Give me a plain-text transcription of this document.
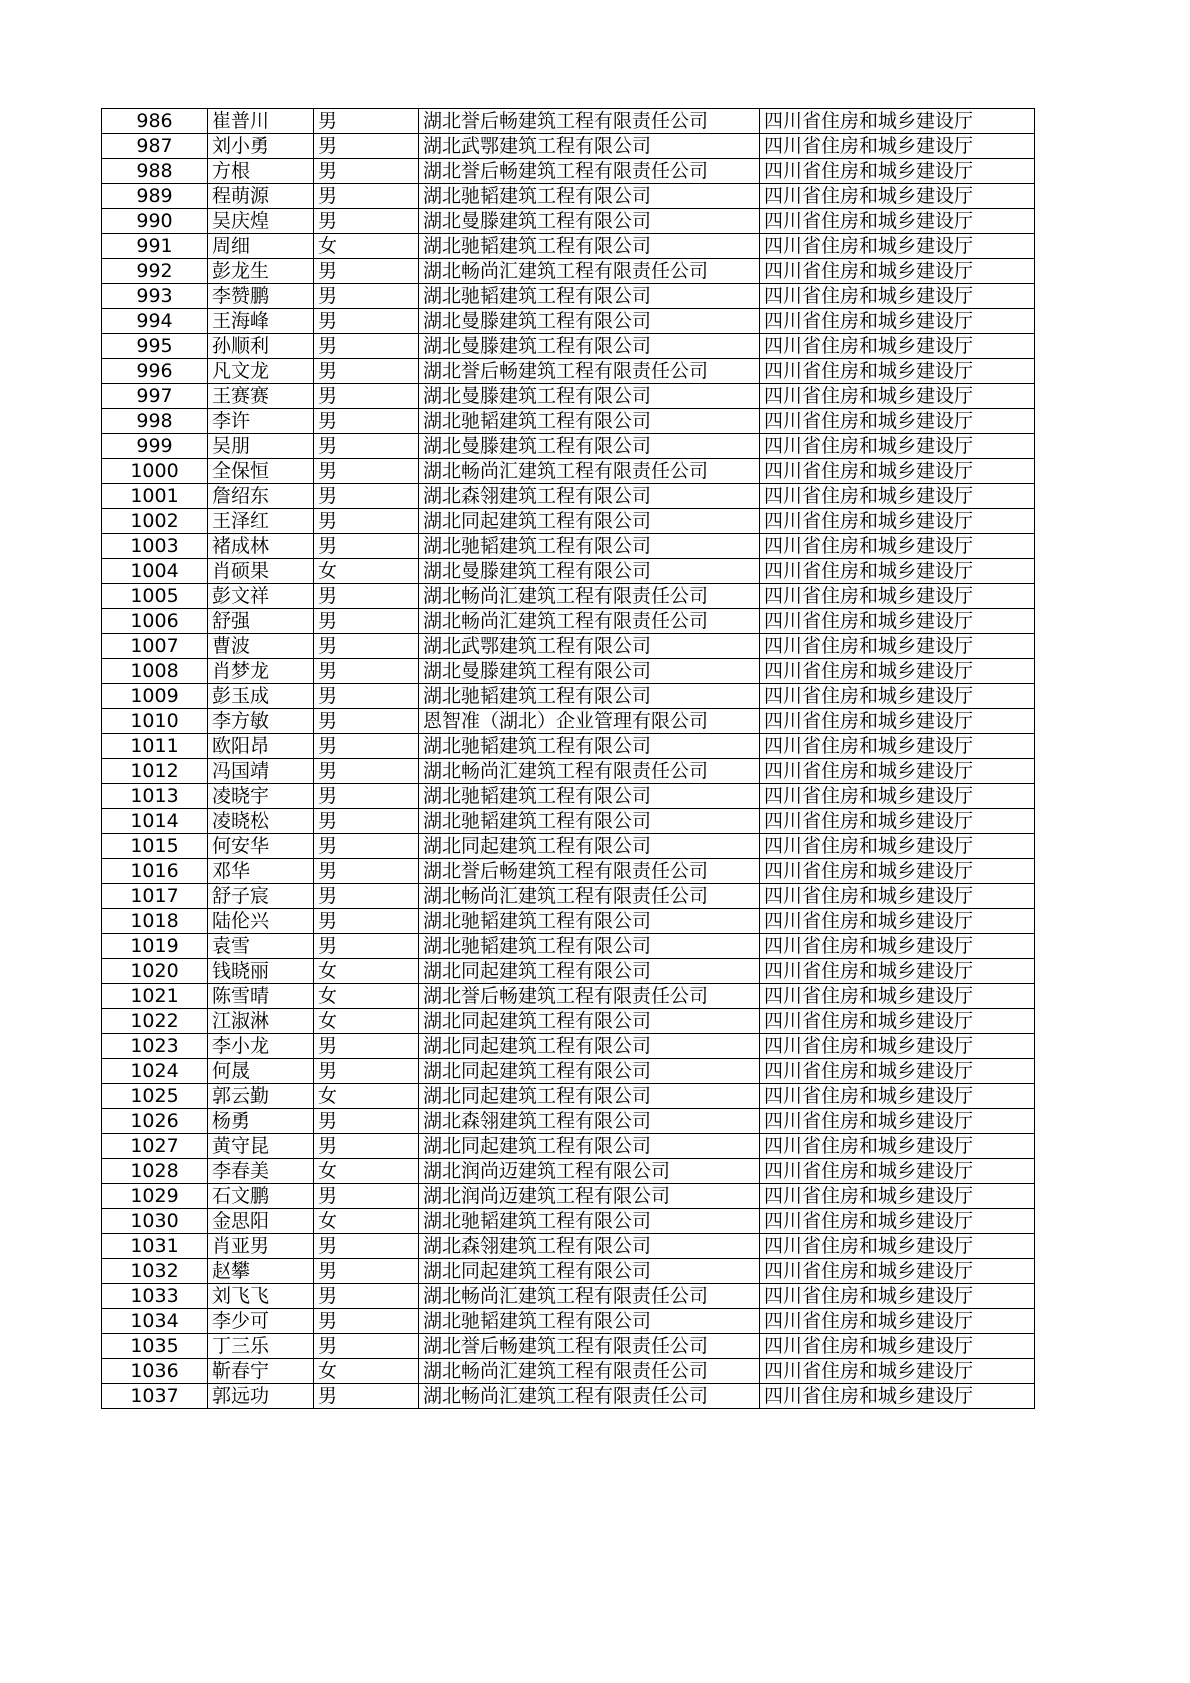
986	崔普川	男	湖北誉后畅建筑工程有限责任公司	四川省住房和城乡建设厅
987	刘小勇	男	湖北武鄂建筑工程有限公司	四川省住房和城乡建设厅
988	方根	男	湖北誉后畅建筑工程有限责任公司	四川省住房和城乡建设厅
989	程萌源	男	湖北驰韬建筑工程有限公司	四川省住房和城乡建设厅
990	吴庆煌	男	湖北曼滕建筑工程有限公司	四川省住房和城乡建设厅
991	周细	女	湖北驰韬建筑工程有限公司	四川省住房和城乡建设厅
992	彭龙生	男	湖北畅尚汇建筑工程有限责任公司	四川省住房和城乡建设厅
993	李赞鹏	男	湖北驰韬建筑工程有限公司	四川省住房和城乡建设厅
994	王海峰	男	湖北曼滕建筑工程有限公司	四川省住房和城乡建设厅
995	孙顺利	男	湖北曼滕建筑工程有限公司	四川省住房和城乡建设厅
996	凡文龙	男	湖北誉后畅建筑工程有限责任公司	四川省住房和城乡建设厅
997	王赛赛	男	湖北曼滕建筑工程有限公司	四川省住房和城乡建设厅
998	李许	男	湖北驰韬建筑工程有限公司	四川省住房和城乡建设厅
999	吴朋	男	湖北曼滕建筑工程有限公司	四川省住房和城乡建设厅
1000	全保恒	男	湖北畅尚汇建筑工程有限责任公司	四川省住房和城乡建设厅
1001	詹绍东	男	湖北森翎建筑工程有限公司	四川省住房和城乡建设厅
1002	王泽红	男	湖北同起建筑工程有限公司	四川省住房和城乡建设厅
1003	褚成林	男	湖北驰韬建筑工程有限公司	四川省住房和城乡建设厅
1004	肖硕果	女	湖北曼滕建筑工程有限公司	四川省住房和城乡建设厅
1005	彭文祥	男	湖北畅尚汇建筑工程有限责任公司	四川省住房和城乡建设厅
1006	舒强	男	湖北畅尚汇建筑工程有限责任公司	四川省住房和城乡建设厅
1007	曹波	男	湖北武鄂建筑工程有限公司	四川省住房和城乡建设厅
1008	肖梦龙	男	湖北曼滕建筑工程有限公司	四川省住房和城乡建设厅
1009	彭玉成	男	湖北驰韬建筑工程有限公司	四川省住房和城乡建设厅
1010	李方敏	男	恩智准（湖北）企业管理有限公司	四川省住房和城乡建设厅
1011	欧阳昂	男	湖北驰韬建筑工程有限公司	四川省住房和城乡建设厅
1012	冯国靖	男	湖北畅尚汇建筑工程有限责任公司	四川省住房和城乡建设厅
1013	凌晓宇	男	湖北驰韬建筑工程有限公司	四川省住房和城乡建设厅
1014	凌晓松	男	湖北驰韬建筑工程有限公司	四川省住房和城乡建设厅
1015	何安华	男	湖北同起建筑工程有限公司	四川省住房和城乡建设厅
1016	邓华	男	湖北誉后畅建筑工程有限责任公司	四川省住房和城乡建设厅
1017	舒子宸	男	湖北畅尚汇建筑工程有限责任公司	四川省住房和城乡建设厅
1018	陆伦兴	男	湖北驰韬建筑工程有限公司	四川省住房和城乡建设厅
1019	袁雪	男	湖北驰韬建筑工程有限公司	四川省住房和城乡建设厅
1020	钱晓丽	女	湖北同起建筑工程有限公司	四川省住房和城乡建设厅
1021	陈雪晴	女	湖北誉后畅建筑工程有限责任公司	四川省住房和城乡建设厅
1022	江淑淋	女	湖北同起建筑工程有限公司	四川省住房和城乡建设厅
1023	李小龙	男	湖北同起建筑工程有限公司	四川省住房和城乡建设厅
1024	何晟	男	湖北同起建筑工程有限公司	四川省住房和城乡建设厅
1025	郭云勤	女	湖北同起建筑工程有限公司	四川省住房和城乡建设厅
1026	杨勇	男	湖北森翎建筑工程有限公司	四川省住房和城乡建设厅
1027	黄守昆	男	湖北同起建筑工程有限公司	四川省住房和城乡建设厅
1028	李春美	女	湖北润尚迈建筑工程有限公司	四川省住房和城乡建设厅
1029	石文鹏	男	湖北润尚迈建筑工程有限公司	四川省住房和城乡建设厅
1030	金思阳	女	湖北驰韬建筑工程有限公司	四川省住房和城乡建设厅
1031	肖亚男	男	湖北森翎建筑工程有限公司	四川省住房和城乡建设厅
1032	赵攀	男	湖北同起建筑工程有限公司	四川省住房和城乡建设厅
1033	刘飞飞	男	湖北畅尚汇建筑工程有限责任公司	四川省住房和城乡建设厅
1034	李少可	男	湖北驰韬建筑工程有限公司	四川省住房和城乡建设厅
1035	丁三乐	男	湖北誉后畅建筑工程有限责任公司	四川省住房和城乡建设厅
1036	靳春宁	女	湖北畅尚汇建筑工程有限责任公司	四川省住房和城乡建设厅
1037	郭远功	男	湖北畅尚汇建筑工程有限责任公司	四川省住房和城乡建设厅
